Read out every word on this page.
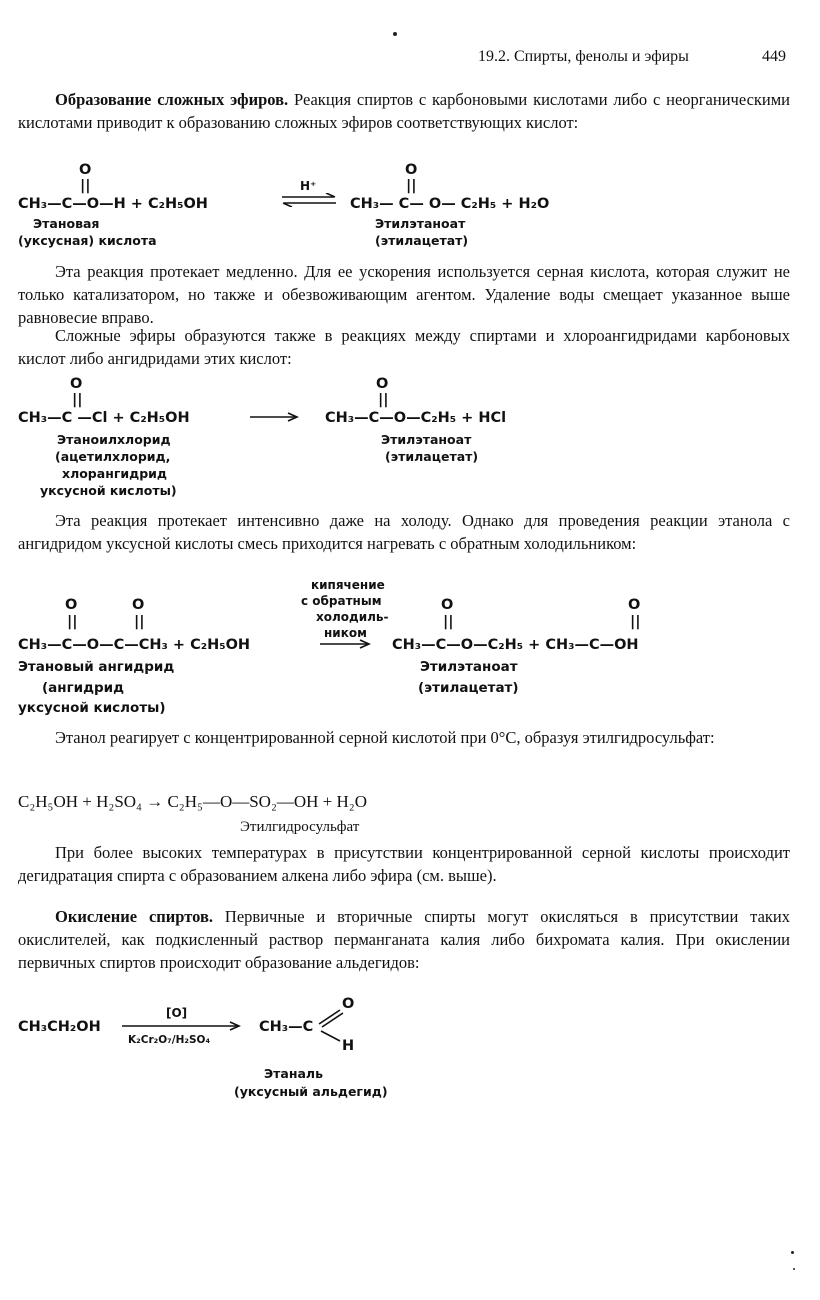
19.2. Спирты, фенолы и эфиры	449

Образование сложных эфиров. Реакция спиртов с карбоновыми кислотами либо с неорганическими кислотами приводит к образованию сложных эфиров соответствующих кислот:

O
||
O
||
CH₃—C—O—H + C₂H₅OH
H⁺
CH₃— C— O— C₂H₅ + H₂O
Этановая
(уксусная) кислота
Этилэтаноат
(этилацетат)

Эта реакция протекает медленно. Для ее ускорения используется серная кислота, которая служит не только катализатором, но также и обезвоживающим агентом. Удаление воды смещает указанное выше равновесие вправо.

Сложные эфиры образуются также в реакциях между спиртами и хлороангидридами карбоновых кислот либо ангидридами этих кислот:

O
||
O
||
CH₃—C —Cl + C₂H₅OH	CH₃—C—O—C₂H₅ + HCl
Этаноилхлорид
(ацетилхлорид,
хлорангидрид
уксусной кислоты)
Этилэтаноат
(этилацетат)

Эта реакция протекает интенсивно даже на холоду. Однако для проведения реакции этанола с ангидридом уксусной кислоты смесь приходится нагревать с обратным холодильником:

кипячение
с обратным
холодиль-
ником
O
||
O
||
O
||
O
||
CH₃—C—O—C—CH₃ + C₂H₅OH	CH₃—C—O—C₂H₅ + CH₃—C—OH
Этановый ангидрид
(ангидрид
уксусной кислоты)
Этилэтаноат
(этилацетат)

Этанол реагирует с концентрированной серной кислотой при 0°C, образуя этилгидросульфат:

C₂H₅OH + H₂SO₄ → C₂H₅—O—SO₂—OH + H₂O
Этилгидросульфат

При более высоких температурах в присутствии концентрированной серной кислоты происходит дегидратация спирта с образованием алкена либо эфира (см. выше).

Окисление спиртов. Первичные и вторичные спирты могут окисляться в присутствии таких окислителей, как подкисленный раствор перманганата калия либо бихромата калия. При окислении первичных спиртов происходит образование альдегидов:

CH₃CH₂OH
[O]
K₂Cr₂O₇/H₂SO₄
CH₃—C
O
H
Этаналь
(уксусный альдегид)
